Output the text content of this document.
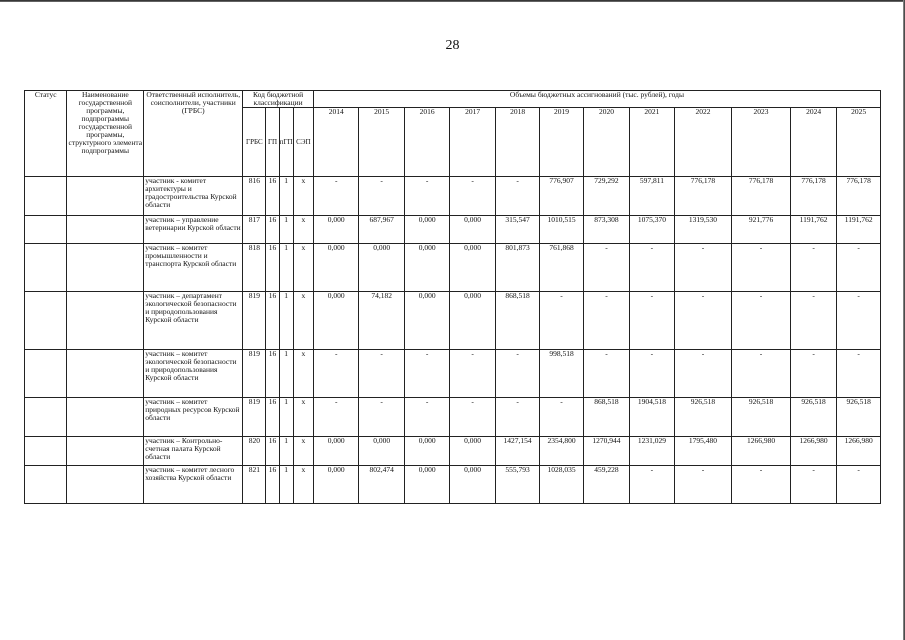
28
Статус	Наименование государственной программы, подпрограммы государственной программы, структурного элемента подпрограммы	Ответственный исполнитель, соисполнители, участники (ГРБС)	Код бюджетной классификации				Объемы бюджетных ассигнований (тыс. рублей), годы											
			ГРБС	ГП	пГП	СЭП	2014	2015	2016	2017	2018	2019	2020	2021	2022	2023	2024	2025
		участник - комитет архитектуры и градостроительства Курской области	816	16	1	х	-	-	-	-	-	776,907	729,292	597,811	776,178	776,178	776,178	776,178
		участник – управление ветеринарии Курской области	817	16	1	х	0,000	687,967	0,000	0,000	315,547	1010,515	873,308	1075,370	1319,530	921,776	1191,762	1191,762
		участник – комитет промышленности и транспорта Курской области	818	16	1	х	0,000	0,000	0,000	0,000	801,873	761,868	-	-	-	-	-	-
		участник – департамент экологической безопасности и природопользования Курской области	819	16	1	х	0,000	74,182	0,000	0,000	868,518	-	-	-	-	-	-	-
		участник – комитет экологической безопасности и природопользования Курской области	819	16	1	х	-	-	-	-	-	998,518	-	-	-	-	-	-
		участник – комитет природных ресурсов Курской области	819	16	1	х	-	-	-	-	-	-	868,518	1904,518	926,518	926,518	926,518	926,518
		участник – Контрольно-счетная палата Курской области	820	16	1	х	0,000	0,000	0,000	0,000	1427,154	2354,800	1270,944	1231,029	1795,480	1266,980	1266,980	1266,980
		участник – комитет лесного хозяйства Курской области	821	16	1	х	0,000	802,474	0,000	0,000	555,793	1028,035	459,228	-	-	-	-	-
